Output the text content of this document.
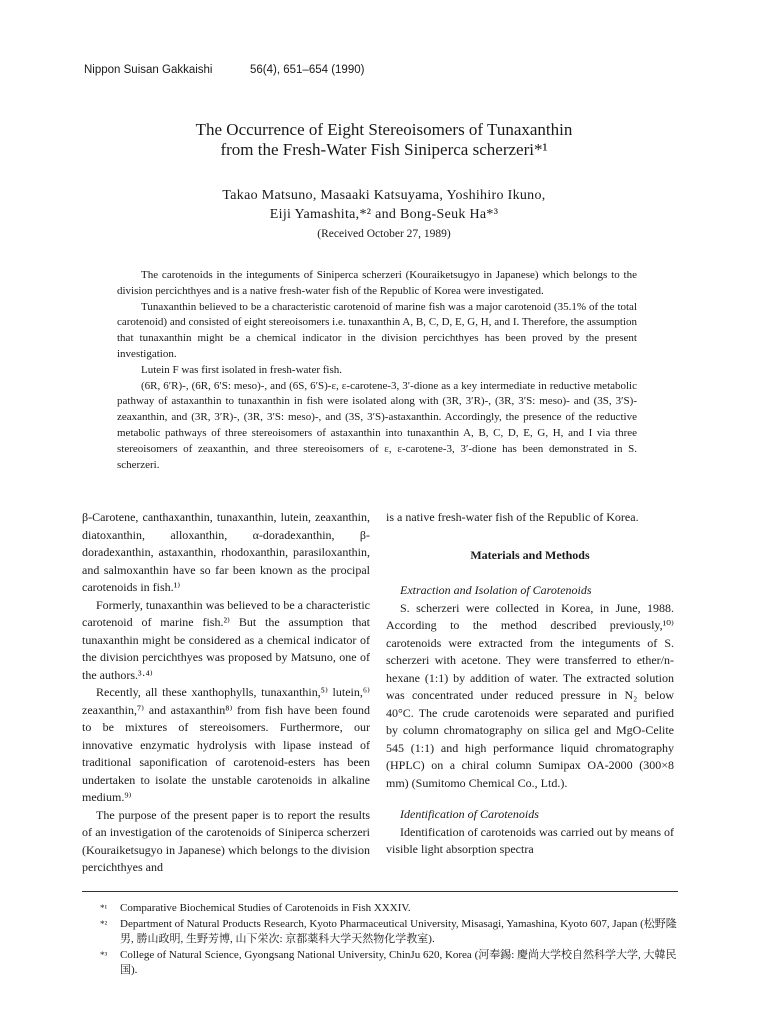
Nippon Suisan Gakkaishi	56(4), 651–654 (1990)
The Occurrence of Eight Stereoisomers of Tunaxanthin
from the Fresh-Water Fish Siniperca scherzeri*¹
Takao Matsuno, Masaaki Katsuyama, Yoshihiro Ikuno,
Eiji Yamashita,*² and Bong-Seuk Ha*³
(Received October 27, 1989)

The carotenoids in the integuments of Siniperca scherzeri (Kouraiketsugyo in Japanese) which belongs to the division percichthyes and is a native fresh-water fish of the Republic of Korea were investigated.

Tunaxanthin believed to be a characteristic carotenoid of marine fish was a major carotenoid (35.1% of the total carotenoid) and consisted of eight stereoisomers i.e. tunaxanthin A, B, C, D, E, G, H, and I. Therefore, the assumption that tunaxanthin might be a chemical indicator in the division percichthyes has been proved by the present investigation.

Lutein F was first isolated in fresh-water fish.

(6R, 6′R)-, (6R, 6′S: meso)-, and (6S, 6′S)-ε, ε-carotene-3, 3′-dione as a key intermediate in reductive metabolic pathway of astaxanthin to tunaxanthin in fish were isolated along with (3R, 3′R)-, (3R, 3′S: meso)- and (3S, 3′S)-zeaxanthin, and (3R, 3′R)-, (3R, 3′S: meso)-, and (3S, 3′S)-astaxanthin. Accordingly, the presence of the reductive metabolic pathways of three stereoisomers of astaxanthin into tunaxanthin A, B, C, D, E, G, H, and I via three stereoisomers of zeaxanthin, and three stereoisomers of ε, ε-carotene-3, 3′-dione has been demonstrated in S. scherzeri.

β-Carotene, canthaxanthin, tunaxanthin, lutein, zeaxanthin, diatoxanthin, alloxanthin, α-doradexanthin, β-doradexanthin, astaxanthin, rhodoxanthin, parasiloxanthin, and salmoxanthin have so far been known as the procipal carotenoids in fish.¹⁾

Formerly, tunaxanthin was believed to be a characteristic carotenoid of marine fish.²⁾ But the assumption that tunaxanthin might be considered as a chemical indicator of the division percichthyes was proposed by Matsuno, one of the authors.³·⁴⁾

Recently, all these xanthophylls, tunaxanthin,⁵⁾ lutein,⁶⁾ zeaxanthin,⁷⁾ and astaxanthin⁸⁾ from fish have been found to be mixtures of stereoisomers. Furthermore, our innovative enzymatic hydrolysis with lipase instead of traditional saponification of carotenoid-esters has been undertaken to isolate the unstable carotenoids in alkaline medium.⁹⁾

The purpose of the present paper is to report the results of an investigation of the carotenoids of Siniperca scherzeri (Kouraiketsugyo in Japanese) which belongs to the division percichthyes and

is a native fresh-water fish of the Republic of Korea.

Materials and Methods

Extraction and Isolation of Carotenoids

S. scherzeri were collected in Korea, in June, 1988. According to the method described previously,¹⁰⁾ carotenoids were extracted from the integuments of S. scherzeri with acetone. They were transferred to ether/n-hexane (1:1) by addition of water. The extracted solution was concentrated under reduced pressure in N₂ below 40°C. The crude carotenoids were separated and purified by column chromatography on silica gel and MgO-Celite 545 (1:1) and high performance liquid chromatography (HPLC) on a chiral column Sumipax OA-2000 (300×8 mm) (Sumitomo Chemical Co., Ltd.).

Identification of Carotenoids

Identification of carotenoids was carried out by means of visible light absorption spectra

*¹ Comparative Biochemical Studies of Carotenoids in Fish XXXIV.
*² Department of Natural Products Research, Kyoto Pharmaceutical University, Misasagi, Yamashina, Kyoto 607, Japan (松野隆男, 勝山政明, 生野芳博, 山下栄次: 京都薬科大学天然物化学教室).
*³ College of Natural Science, Gyongsang National University, ChinJu 620, Korea (河奉錫: 慶尚大学校自然科学大学, 大韓民国).
